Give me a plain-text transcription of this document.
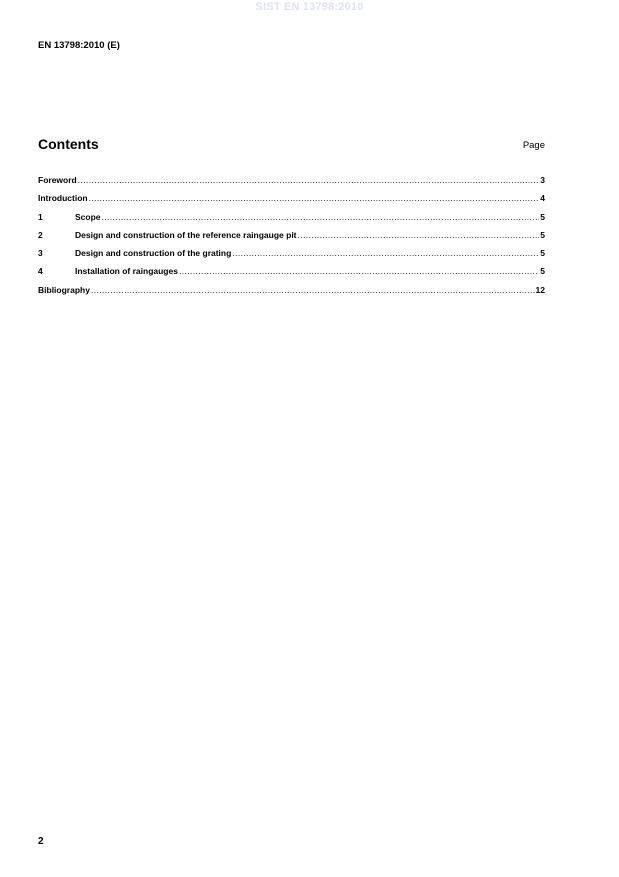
SIST EN 13798:2010
EN 13798:2010 (E)
Contents	Page
Foreword .....	3
Introduction .....	4
1	Scope .....	5
2	Design and construction of the reference raingauge pit .....	5
3	Design and construction of the grating .....	5
4	Installation of raingauges .....	5
Bibliography .....	12
2
